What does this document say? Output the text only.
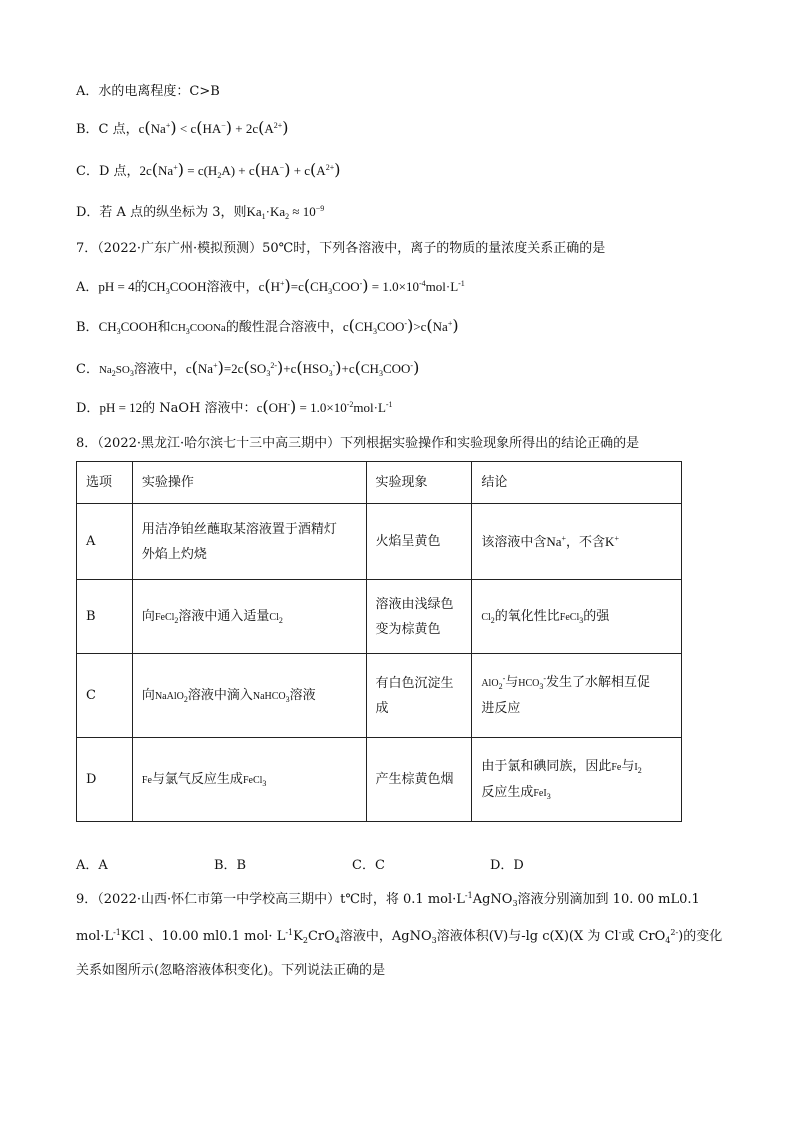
A．水的电离程度：C>B
B．C 点，$c(Na^+) < c(HA^-) + 2c(A^{2+})$
C．D 点，$2c(Na^+) = c(H_2A) + c(HA^-) + c(A^{2+})$
D．若 A 点的纵坐标为 3，则$Ka_1\cdot Ka_2 \approx 10^{-9}$
7．（2022·广东广州·模拟预测）50℃时，下列各溶液中，离子的物质的量浓度关系正确的是
A．pH = 4的$CH_3COOH$溶液中，$c(H^+)=c(CH_3COO^-) = 1.0\times 10^{-4}mol\cdot L^{-1}$
B．$CH_3COOH$和$CH_3COONa$的酸性混合溶液中，$c(CH_3COO^-)>c(Na^+)$
C．$Na_2SO_3$溶液中，$c(Na^+)=2c(SO_3^{2-})+c(HSO_3^-)+c(CH_3COO^-)$
D．pH = 12的 NaOH 溶液中：$c(OH^-) = 1.0\times 10^{-2}mol\cdot L^{-1}$
8．（2022·黑龙江·哈尔滨七十三中高三期中）下列根据实验操作和实验现象所得出的结论正确的是
选项	实验操作	实验现象	结论
A	用洁净铂丝蘸取某溶液置于酒精灯
外焰上灼烧	火焰呈黄色	该溶液中含Na+，不含K+
B	向FeCl$_2$溶液中通入适量$Cl_2$	溶液由浅绿色
变为棕黄色	$Cl_2$的氧化性比FeCl$_3$的强
C	向NaAlO$_2$溶液中滴入NaHCO$_3$溶液	有白色沉淀生
成	AlO$_2$-与$HCO_3^-$发生了水解相互促
进反应
D	Fe与氯气反应生成FeCl$_3$	产生棕黄色烟	由于氯和碘同族，因此Fe与$I_2$
反应生成FeI$_3$
A．A	B．B	C．C	D．D
9．（2022·山西·怀仁市第一中学校高三期中）t℃时，将 0.1 $mol\cdot L^{-1}AgNO_3$溶液分别滴加到 10. 00 mL0.1
$mol\cdot L^{-1}KCl$ 、10.00 ml0.1 $mol\cdot L^{-1}K_2CrO_4$溶液中，AgNO$_3$溶液体积(V)与-lg c(X)(X 为 Cl-或 CrO$_4^{2-}$)的变化
关系如图所示(忽略溶液体积变化)。下列说法正确的是
